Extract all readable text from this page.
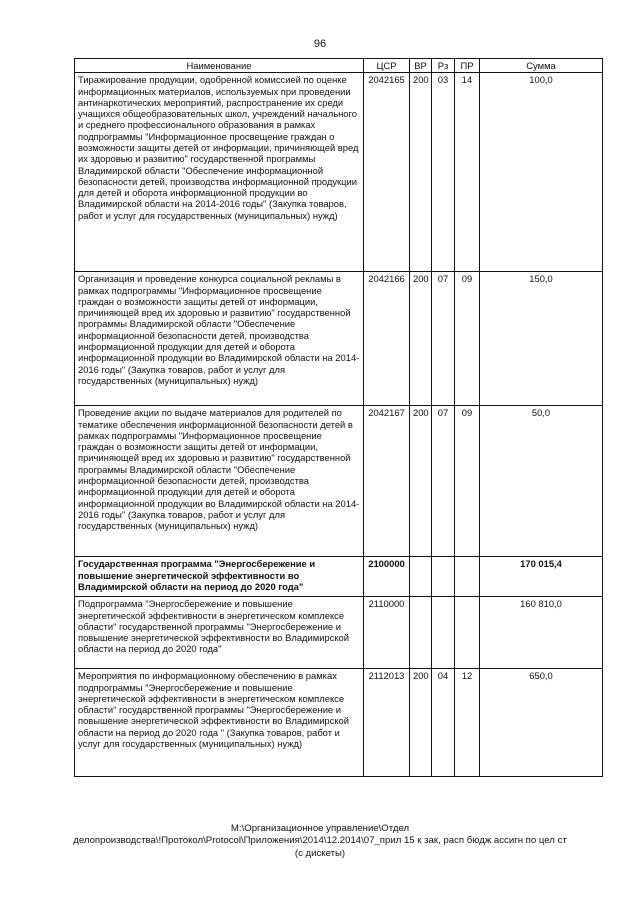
96
Наименование	ЦСР	ВР	Рз	ПР	Сумма
Тиражирование продукции, одобренной комиссией по оценке информационных материалов, используемых при проведении антинаркотических мероприятий, распространение их среди учащихся общеобразовательных школ, учреждений начального и среднего профессионального образования в рамках подпрограммы "Информационное просвещение граждан о возможности защиты детей от информации, причиняющей вред их здоровью и развитию" государственной программы Владимирской области "Обеспечение информационной безопасности детей, производства информационной продукции для детей и оборота информационной продукции во Владимирской области на 2014-2016 годы" (Закупка товаров, работ и услуг для государственных (муниципальных) нужд)	2042165	200	03	14	100,0
Организация и проведение конкурса социальной рекламы в рамках подпрограммы "Информационное просвещение граждан о возможности защиты детей от информации, причиняющей вред их здоровью и развитию" государственной программы Владимирской области "Обеспечение информационной безопасности детей, производства информационной продукции для детей и оборота информационной продукции во Владимирской области на 2014-2016 годы" (Закупка товаров, работ и услуг для государственных (муниципальных) нужд)	2042166	200	07	09	150,0
Проведение акции по выдаче материалов для родителей по тематике обеспечения информационной безопасности детей в рамках подпрограммы "Информационное просвещение граждан о возможности защиты детей от информации, причиняющей вред их здоровью и развитию" государственной программы Владимирской области "Обеспечение информационной безопасности детей, производства информационной продукции для детей и оборота информационной продукции во Владимирской области на 2014-2016 годы" (Закупка товаров, работ и услуг для государственных (муниципальных) нужд)	2042167	200	07	09	50,0
Государственная программа "Энергосбережение и повышение энергетической эффективности во Владимирской области на период до 2020 года"	2100000				170 015,4
Подпрограмма "Энергосбережение и повышение энергетической эффективности в энергетическом комплексе области" государственной программы "Энергосбережение и повышение энергетической эффективности во Владимирской области на период до 2020 года"	2110000				160 810,0
Мероприятия по информационному обеспечению в рамках подпрограммы "Энергосбережение и повышение энергетической эффективности в энергетическом комплексе области" государственной программы "Энергосбережение и повышение энергетической эффективности во Владимирской области на период до 2020 года " (Закупка товаров, работ и услуг для государственных (муниципальных) нужд)	2112013	200	04	12	650,0
M:\Организационное управление\Отдел
делопроизводства\!Протокол\Protocol\Приложения\2014\12.2014\07_прил 15 к зак, расп бюдж ассигн по цел ст
(с дискеты)
